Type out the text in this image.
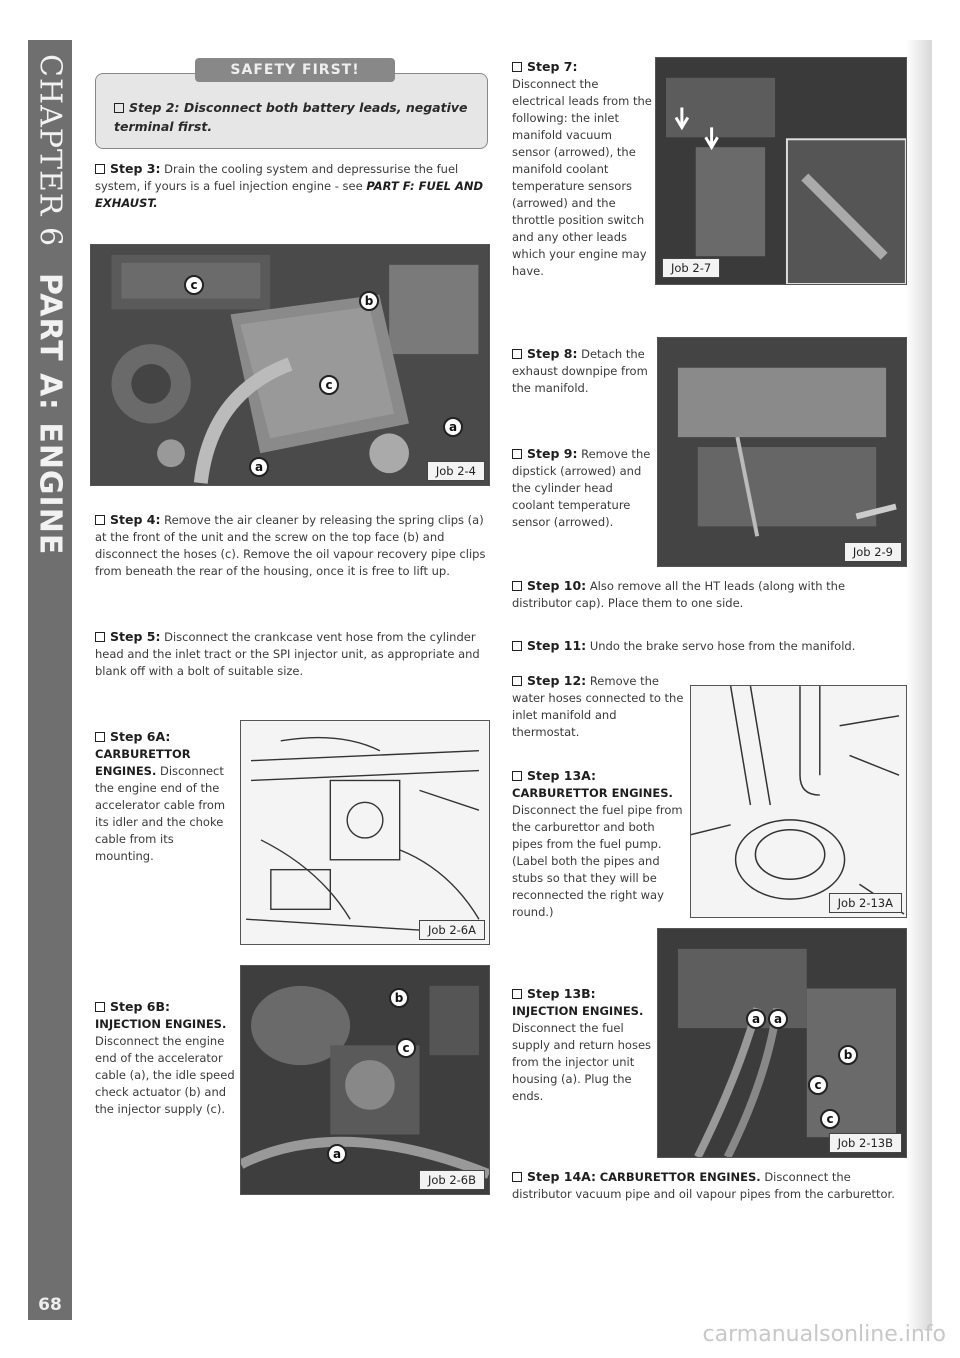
CHAPTER 6
PART A: ENGINE
68
carmanualsonline.info
Step 2: Disconnect both battery leads, negative terminal first.
SAFETY FIRST!
Step 3: Drain the cooling system and depressurise the fuel system, if yours is a fuel injection engine - see PART F: FUEL AND EXHAUST.
c
b
c
a
a	Job 2-4
Step 4: Remove the air cleaner by releasing the spring clips (a) at the front of the unit and the screw on the top face (b) and disconnect the hoses (c). Remove the oil vapour recovery pipe clips from beneath the rear of the housing, once it is free to lift up.
Step 5: Disconnect the crankcase vent hose from the cylinder head and the inlet tract or the SPI injector unit, as appropriate and blank off with a bolt of suitable size.
Step 6A:
CARBURETTOR ENGINES. Disconnect the engine end of the accelerator cable from its idler and the choke cable from its mounting.
Job 2-6A
Step 6B:
INJECTION ENGINES. Disconnect the engine end of the accelerator cable (a), the idle speed check actuator (b) and the injector supply (c).
b
c
a
Job 2-6B
Step 7:
Disconnect the electrical leads from the following: the inlet manifold vacuum sensor (arrowed), the manifold coolant temperature sensors (arrowed) and the throttle position switch and any other leads which your engine may have.	Job 2-7
Step 8: Detach the exhaust downpipe from the manifold.
Step 9: Remove the dipstick (arrowed) and the cylinder head coolant temperature sensor (arrowed).
Job 2-9
Step 10: Also remove all the HT leads (along with the distributor cap). Place them to one side.
Step 11: Undo the brake servo hose from the manifold.
Step 12: Remove the water hoses connected to the inlet manifold and thermostat.
Step 13A:
CARBURETTOR ENGINES. Disconnect the fuel pipe from the carburettor and both pipes from the fuel pump. (Label both the pipes and stubs so that they will be reconnected the right way round.)
Job 2-13A
Step 13B:
INJECTION ENGINES. Disconnect the fuel supply and return hoses from the injector unit housing (a). Plug the ends.
a	a
b
c
c
Job 2-13B
Step 14A: CARBURETTOR ENGINES. Disconnect the distributor vacuum pipe and oil vapour pipes from the carburettor.
